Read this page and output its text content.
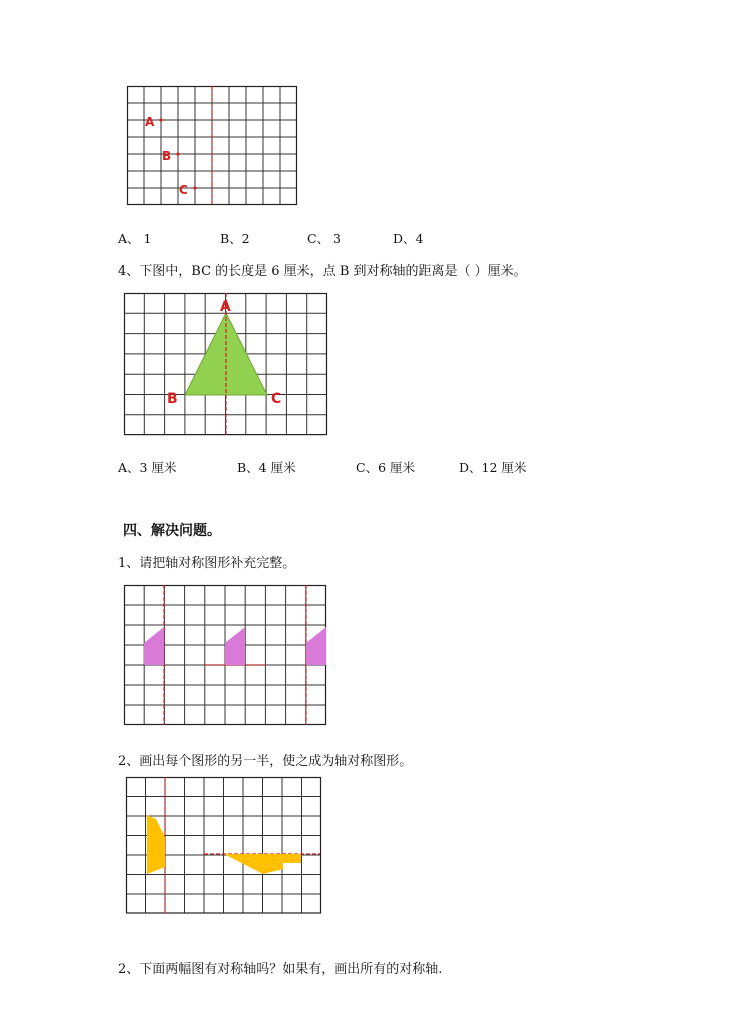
A
B
C
A、 1	B、2	C、 3	D、4
4、下图中，BC 的长度是 6 厘米，点 B 到对称轴的距离是（ ）厘米。
A
B	C
A、3 厘米	B、4 厘米	C、6 厘米	D、12 厘米
四、解决问题。
1、请把轴对称图形补充完整。
2、画出每个图形的另一半，使之成为轴对称图形。
2、下面两幅图有对称轴吗？如果有，画出所有的对称轴.
